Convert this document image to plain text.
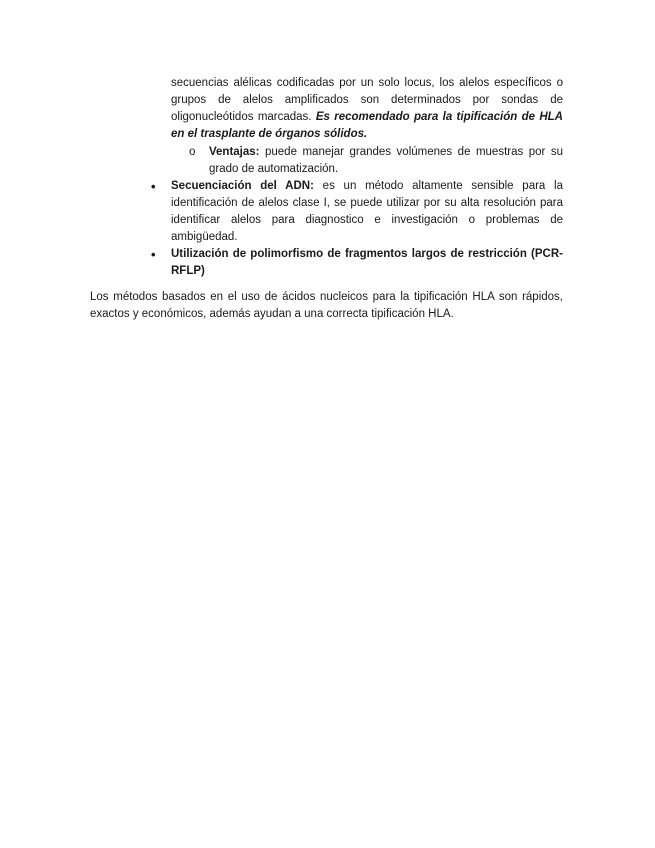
secuencias alélicas codificadas por un solo locus, los alelos específicos o grupos de alelos amplificados son determinados por sondas de oligonucleótidos marcadas. Es recomendado para la tipificación de HLA en el trasplante de órganos sólidos.
o Ventajas: puede manejar grandes volúmenes de muestras por su grado de automatización.
• Secuenciación del ADN: es un método altamente sensible para la identificación de alelos clase I, se puede utilizar por su alta resolución para identificar alelos para diagnostico e investigación o problemas de ambigüedad.
• Utilización de polimorfismo de fragmentos largos de restricción (PCR-RFLP)
Los métodos basados en el uso de ácidos nucleicos para la tipificación HLA son rápidos, exactos y económicos, además ayudan a una correcta tipificación HLA.
